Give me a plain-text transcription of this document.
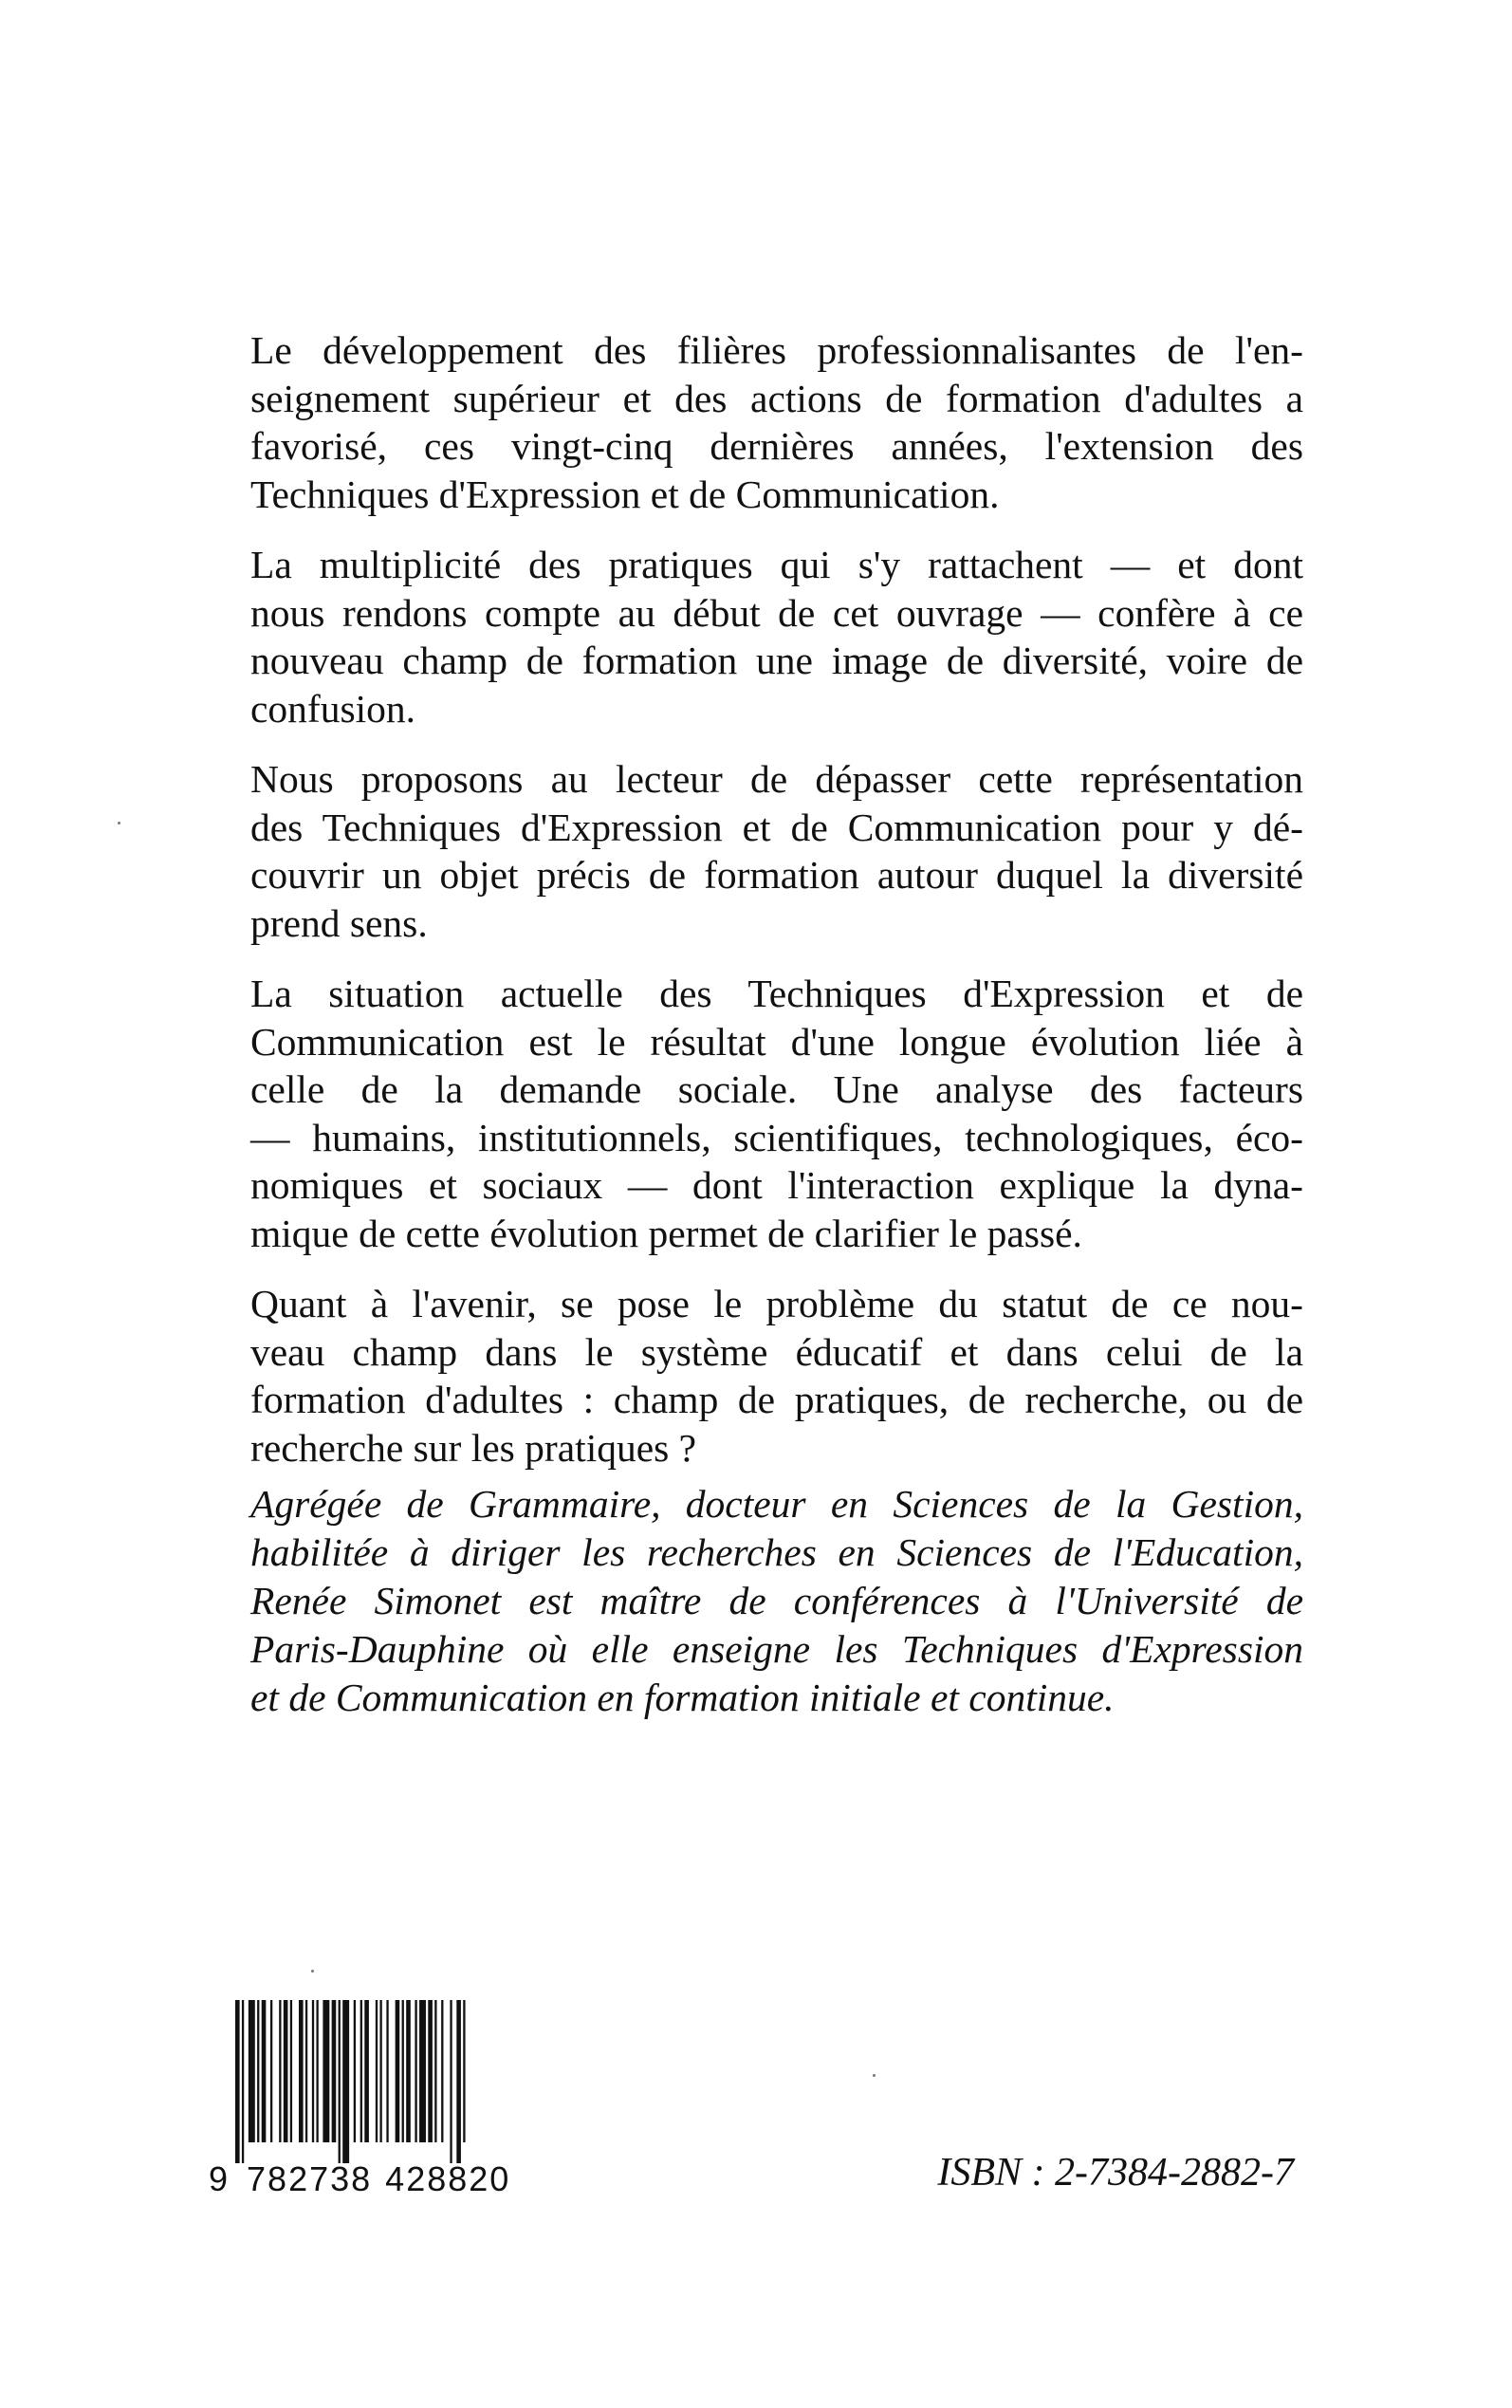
Le développement des filières professionnalisantes de l'en-
seignement supérieur et des actions de formation d'adultes a
favorisé, ces vingt-cinq dernières années, l'extension des
Techniques d'Expression et de Communication.

La multiplicité des pratiques qui s'y rattachent — et dont
nous rendons compte au début de cet ouvrage — confère à ce
nouveau champ de formation une image de diversité, voire de
confusion.

Nous proposons au lecteur de dépasser cette représentation
des Techniques d'Expression et de Communication pour y dé-
couvrir un objet précis de formation autour duquel la diversité
prend sens.

La situation actuelle des Techniques d'Expression et de
Communication est le résultat d'une longue évolution liée à
celle de la demande sociale. Une analyse des facteurs
— humains, institutionnels, scientifiques, technologiques, éco-
nomiques et sociaux — dont l'interaction explique la dyna-
mique de cette évolution permet de clarifier le passé.

Quant à l'avenir, se pose le problème du statut de ce nou-
veau champ dans le système éducatif et dans celui de la
formation d'adultes : champ de pratiques, de recherche, ou de
recherche sur les pratiques ?

Agrégée de Grammaire, docteur en Sciences de la Gestion,
habilitée à diriger les recherches en Sciences de l'Education,
Renée Simonet est maître de conférences à l'Université de
Paris-Dauphine où elle enseigne les Techniques d'Expression
et de Communication en formation initiale et continue.
9 782738 428820	ISBN : 2-7384-2882-7
